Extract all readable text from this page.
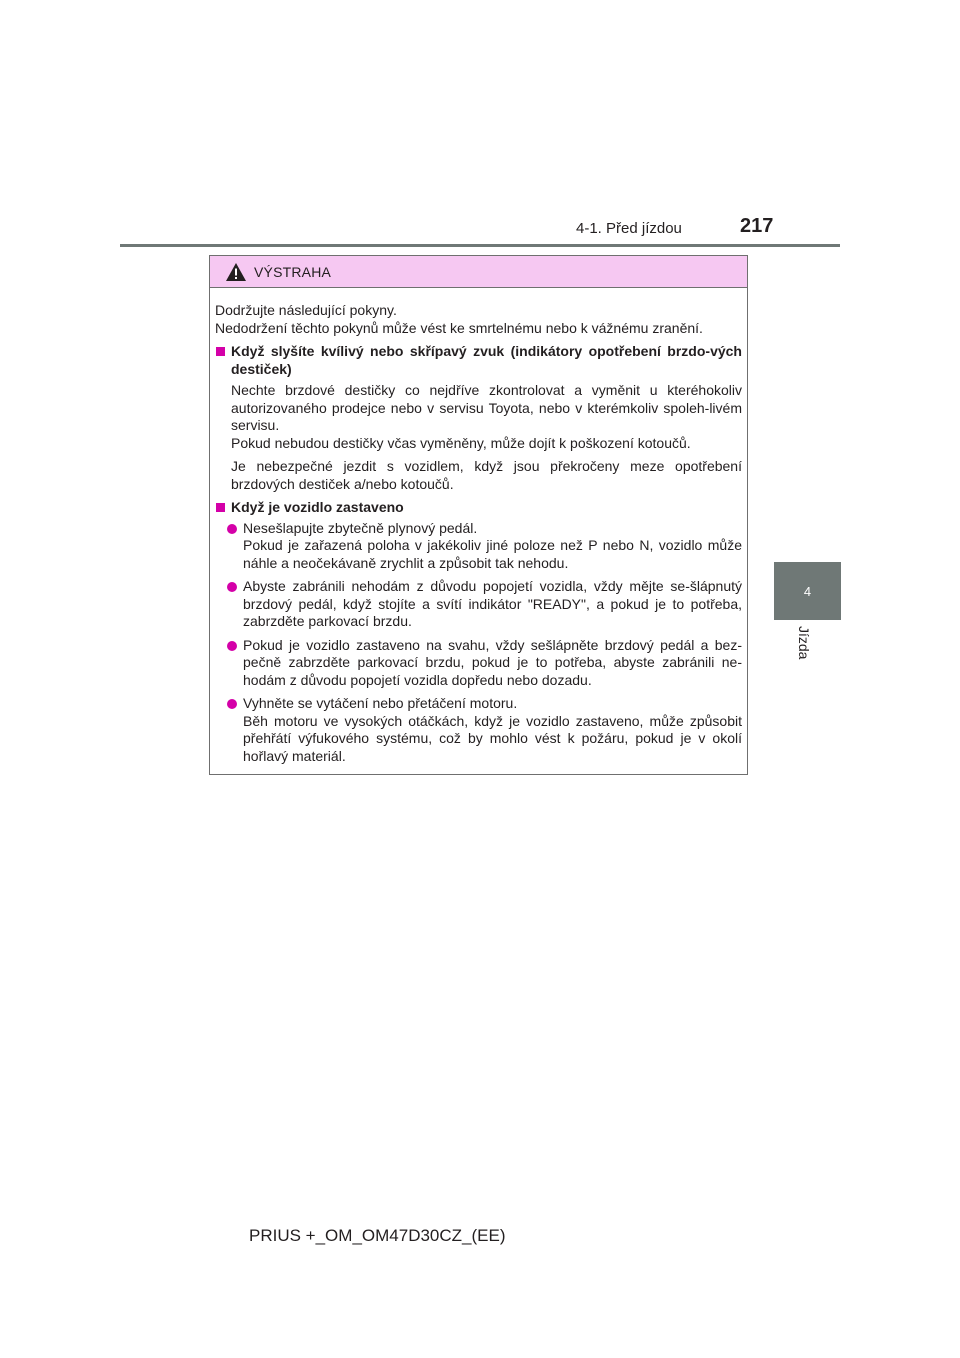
4-1. Před jízdou	217
4
Jízda
VÝSTRAHA

Dodržujte následující pokyny.

Nedodržení těchto pokynů může vést ke smrtelnému nebo k vážnému zranění.

Když slyšíte kvílivý nebo skřípavý zvuk (indikátory opotřebení brzdo-vých destiček)

Nechte brzdové destičky co nejdříve zkontrolovat a vyměnit u kteréhokoliv autorizovaného prodejce nebo v servisu Toyota, nebo v kterémkoliv spoleh-livém servisu.

Pokud nebudou destičky včas vyměněny, může dojít k poškození kotoučů.

Je nebezpečné jezdit s vozidlem, když jsou překročeny meze opotřebení brzdových destiček a/nebo kotoučů.

Když je vozidlo zastaveno

Nesešlapujte zbytečně plynový pedál.

Pokud je zařazená poloha v jakékoliv jiné poloze než P nebo N, vozidlo může náhle a neočekávaně zrychlit a způsobit tak nehodu.

Abyste zabránili nehodám z důvodu popojetí vozidla, vždy mějte se-šlápnutý brzdový pedál, když stojíte a svítí indikátor "READY", a pokud je to potřeba, zabrzděte parkovací brzdu.

Pokud je vozidlo zastaveno na svahu, vždy sešlápněte brzdový pedál a bez-pečně zabrzděte parkovací brzdu, pokud je to potřeba, abyste zabránili ne-hodám z důvodu popojetí vozidla dopředu nebo dozadu.

Vyhněte se vytáčení nebo přetáčení motoru.

Běh motoru ve vysokých otáčkách, když je vozidlo zastaveno, může způsobit přehřátí výfukového systému, což by mohlo vést k požáru, pokud je v okolí hořlavý materiál.

PRIUS +_OM_OM47D30CZ_(EE)
